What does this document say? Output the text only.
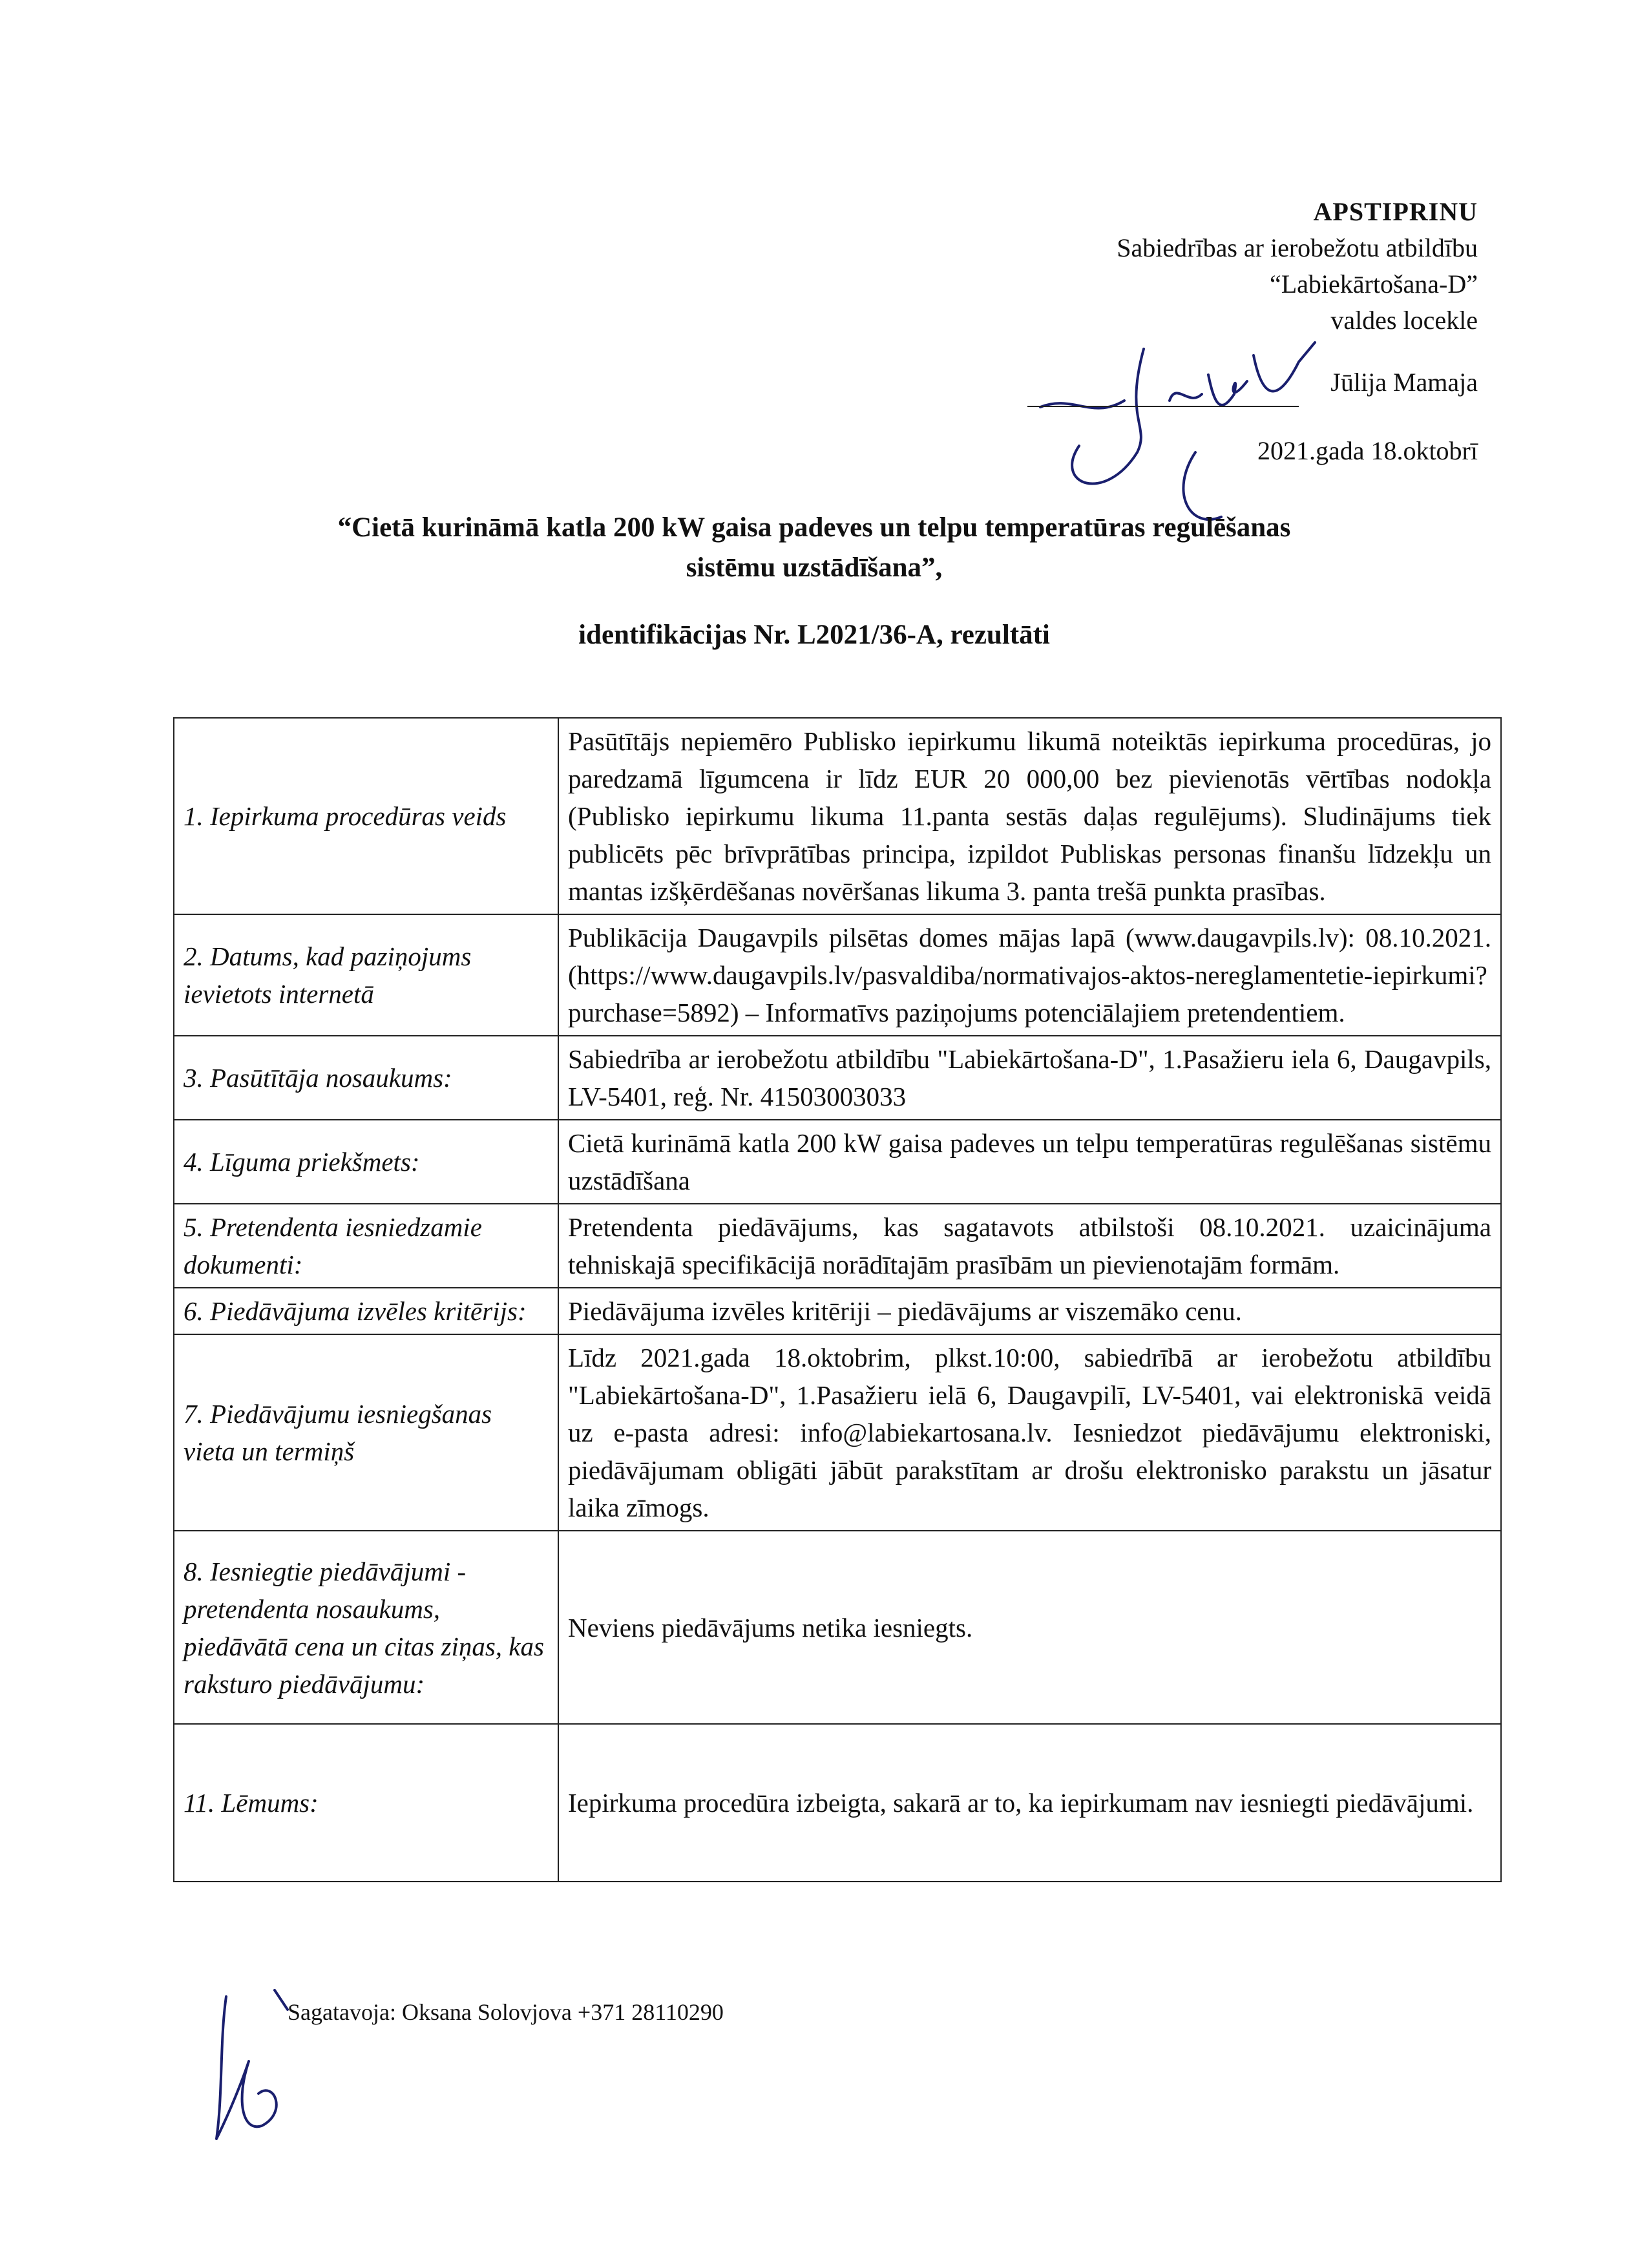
APSTIPRINU
Sabiedrības ar ierobežotu atbildību
“Labiekārtošana-D”
valdes locekle
Jūlija Mamaja
2021.gada 18.oktobrī
“Cietā kurināmā katla 200 kW gaisa padeves un telpu temperatūras regulēšanas
sistēmu uzstādīšana”,
identifikācijas Nr. L2021/36-A, rezultāti
1. Iepirkuma procedūras veids	Pasūtītājs nepiemēro Publisko iepirkumu likumā noteiktās iepirkuma procedūras, jo paredzamā līgumcena ir līdz EUR 20 000,00 bez pievienotās vērtības nodokļa (Publisko iepirkumu likuma 11.panta sestās daļas regulējums). Sludinājums tiek publicēts pēc brīvprātības principa, izpildot Publiskas personas finanšu līdzekļu un mantas izšķērdēšanas novēršanas likuma 3. panta trešā punkta prasības.
2. Datums, kad paziņojums ievietots internetā	Publikācija Daugavpils pilsētas domes mājas lapā (www.daugavpils.lv): 08.10.2021. (https://www.daugavpils.lv/pasvaldiba/normativajos-aktos-nereglamentetie-iepirkumi?purchase=5892) – Informatīvs paziņojums potenciālajiem pretendentiem.
3. Pasūtītāja nosaukums:	Sabiedrība ar ierobežotu atbildību "Labiekārtošana-D", 1.Pasažieru iela 6, Daugavpils, LV-5401, reģ. Nr. 41503003033
4. Līguma priekšmets:	Cietā kurināmā katla 200 kW gaisa padeves un telpu temperatūras regulēšanas sistēmu uzstādīšana
5. Pretendenta iesniedzamie dokumenti:	Pretendenta piedāvājums, kas sagatavots atbilstoši 08.10.2021. uzaicinājuma tehniskajā specifikācijā norādītajām prasībām un pievienotajām formām.
6. Piedāvājuma izvēles kritērijs:	Piedāvājuma izvēles kritēriji – piedāvājums ar viszemāko cenu.
7. Piedāvājumu iesniegšanas vieta un termiņš	Līdz 2021.gada 18.oktobrim, plkst.10:00, sabiedrībā ar ierobežotu atbildību "Labiekārtošana-D", 1.Pasažieru ielā 6, Daugavpilī, LV-5401, vai elektroniskā veidā uz e-pasta adresi: info@labiekartosana.lv. Iesniedzot piedāvājumu elektroniski, piedāvājumam obligāti jābūt parakstītam ar drošu elektronisko parakstu un jāsatur laika zīmogs.
8. Iesniegtie piedāvājumi - pretendenta nosaukums, piedāvātā cena un citas ziņas, kas raksturo piedāvājumu:	Neviens piedāvājums netika iesniegts.
11. Lēmums:	Iepirkuma procedūra izbeigta, sakarā ar to, ka iepirkumam nav iesniegti piedāvājumi.
Sagatavoja: Oksana Solovjova +371 28110290
